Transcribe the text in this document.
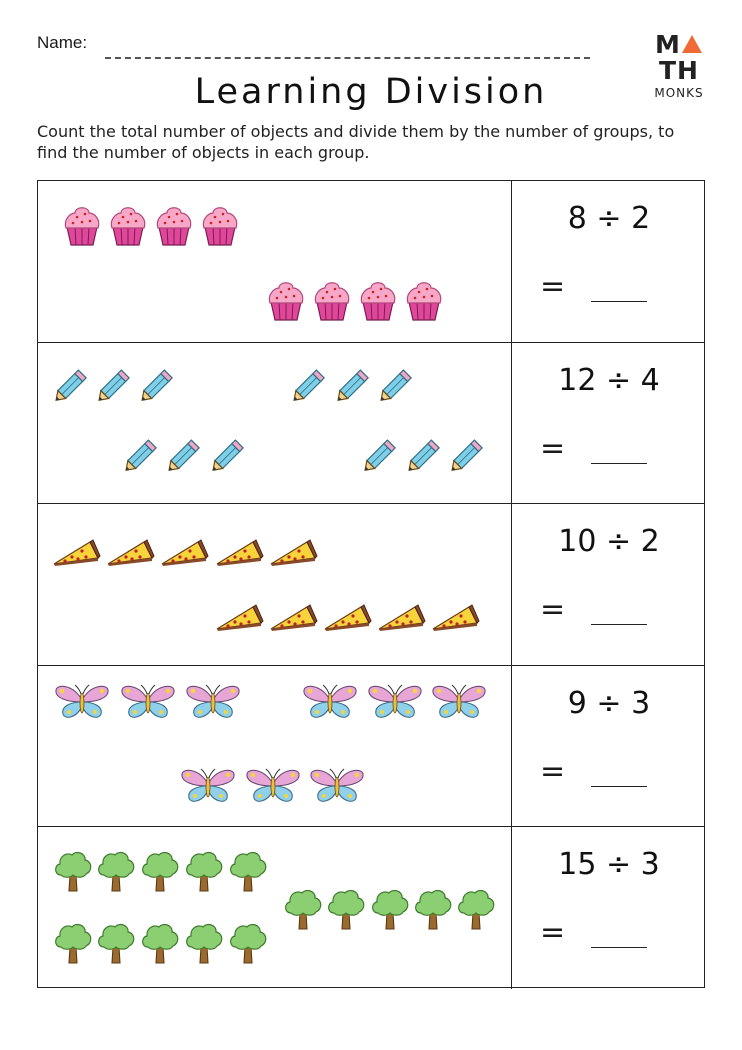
Name:	MTH
MONKS
Learning Division
Count the total number of objects and divide them by the number of groups, to find the number of objects in each group.
8 ÷ 2
=
12 ÷ 4
=
10 ÷ 2
=
9 ÷ 3
=
15 ÷ 3
=
